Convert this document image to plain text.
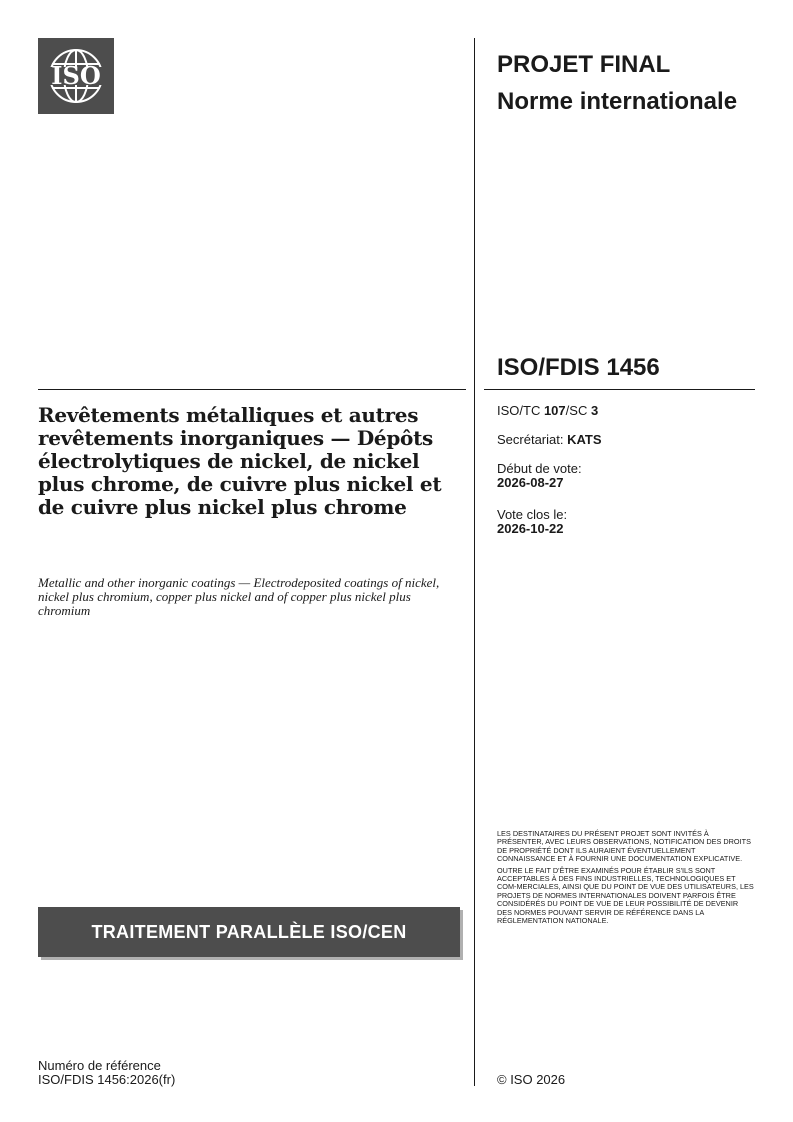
ISO	PROJET FINAL
Norme internationale
ISO/FDIS 1456
ISO/TC 107/SC 3
Secrétariat: KATS
Début de vote:
2026-08-27
Vote clos le:
2026-10-22
Revêtements métalliques et autres revêtements inorganiques — Dépôts électrolytiques de nickel, de nickel plus chrome, de cuivre plus nickel et de cuivre plus nickel plus chrome
Metallic and other inorganic coatings — Electrodeposited coatings of nickel, nickel plus chromium, copper plus nickel and of copper plus nickel plus chromium
TRAITEMENT PARALLÈLE ISO/CEN

LES DESTINATAIRES DU PRÉSENT PROJET SONT INVITÉS À PRÉSENTER, AVEC LEURS OBSERVATIONS, NOTIFICATION DES DROITS DE PROPRIÉTÉ DONT ILS AURAIENT ÉVENTUELLEMENT CONNAISSANCE ET À FOURNIR UNE DOCUMENTATION EXPLICATIVE.

OUTRE LE FAIT D'ÊTRE EXAMINÉS POUR ÉTABLIR S'ILS SONT ACCEPTABLES À DES FINS INDUSTRIELLES, TECHNOLOGIQUES ET COM-MERCIALES, AINSI QUE DU POINT DE VUE DES UTILISATEURS, LES PROJETS DE NORMES INTERNATIONALES DOIVENT PARFOIS ÊTRE CONSIDÉRÉS DU POINT DE VUE DE LEUR POSSIBILITÉ DE DEVENIR DES NORMES POUVANT SERVIR DE RÉFÉRENCE DANS LA RÉGLEMENTATION NATIONALE.

Numéro de référence
ISO/FDIS 1456:2026(fr)	© ISO 2026
